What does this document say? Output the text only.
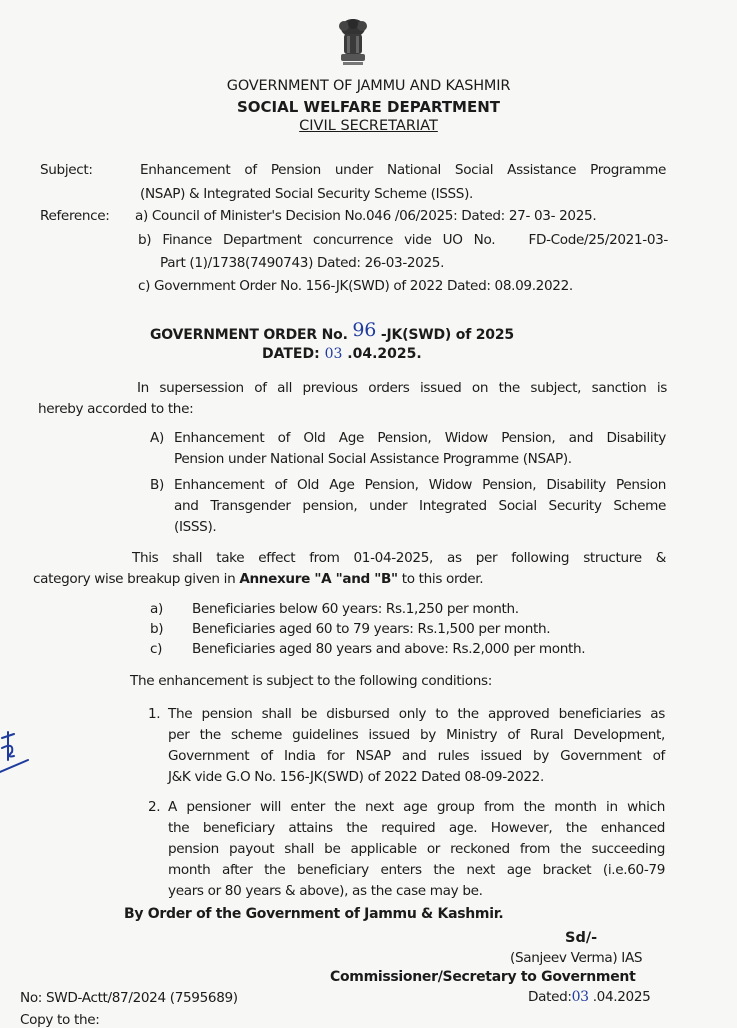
GOVERNMENT OF JAMMU AND KASHMIR
SOCIAL WELFARE DEPARTMENT
CIVIL SECRETARIAT
Subject:	Enhancement of Pension under National Social Assistance Programme
(NSAP) & Integrated Social Security Scheme (ISSS).
Reference: a) Council of Minister's Decision No.046 /06/2025: Dated: 27- 03- 2025.
b) Finance Department concurrence vide UO No.   FD-Code/25/2021-03-
Part (1)/1738(7490743) Dated: 26-03-2025.
c) Government Order No. 156-JK(SWD) of 2022 Dated: 08.09.2022.
GOVERNMENT ORDER No. 96 -JK(SWD) of 2025
DATED: 03 .04.2025.
In supersession of all previous orders issued on the subject, sanction is
hereby accorded to the:
A) Enhancement of Old Age Pension, Widow Pension, and Disability
Pension under National Social Assistance Programme (NSAP).
B) Enhancement of Old Age Pension, Widow Pension, Disability Pension
and Transgender pension, under Integrated Social Security Scheme
(ISSS).
This shall take effect from 01-04-2025, as per following structure &
category wise breakup given in Annexure "A "and "B" to this order.
a) Beneficiaries below 60 years: Rs.1,250 per month.
b) Beneficiaries aged 60 to 79 years: Rs.1,500 per month.
c) Beneficiaries aged 80 years and above: Rs.2,000 per month.
The enhancement is subject to the following conditions:
1. The pension shall be disbursed only to the approved beneficiaries as
per the scheme guidelines issued by Ministry of Rural Development,
Government of India for NSAP and rules issued by Government of
J&K vide G.O No. 156-JK(SWD) of 2022 Dated 08-09-2022.
2. A pensioner will enter the next age group from the month in which
the beneficiary attains the required age. However, the enhanced
pension payout shall be applicable or reckoned from the succeeding
month after the beneficiary enters the next age bracket (i.e.60-79
years or 80 years & above), as the case may be.
By Order of the Government of Jammu & Kashmir.
Sd/-
(Sanjeev Verma) IAS
Commissioner/Secretary to Government
Dated:03 .04.2025
No: SWD-Actt/87/2024 (7595689)
Copy to the:
